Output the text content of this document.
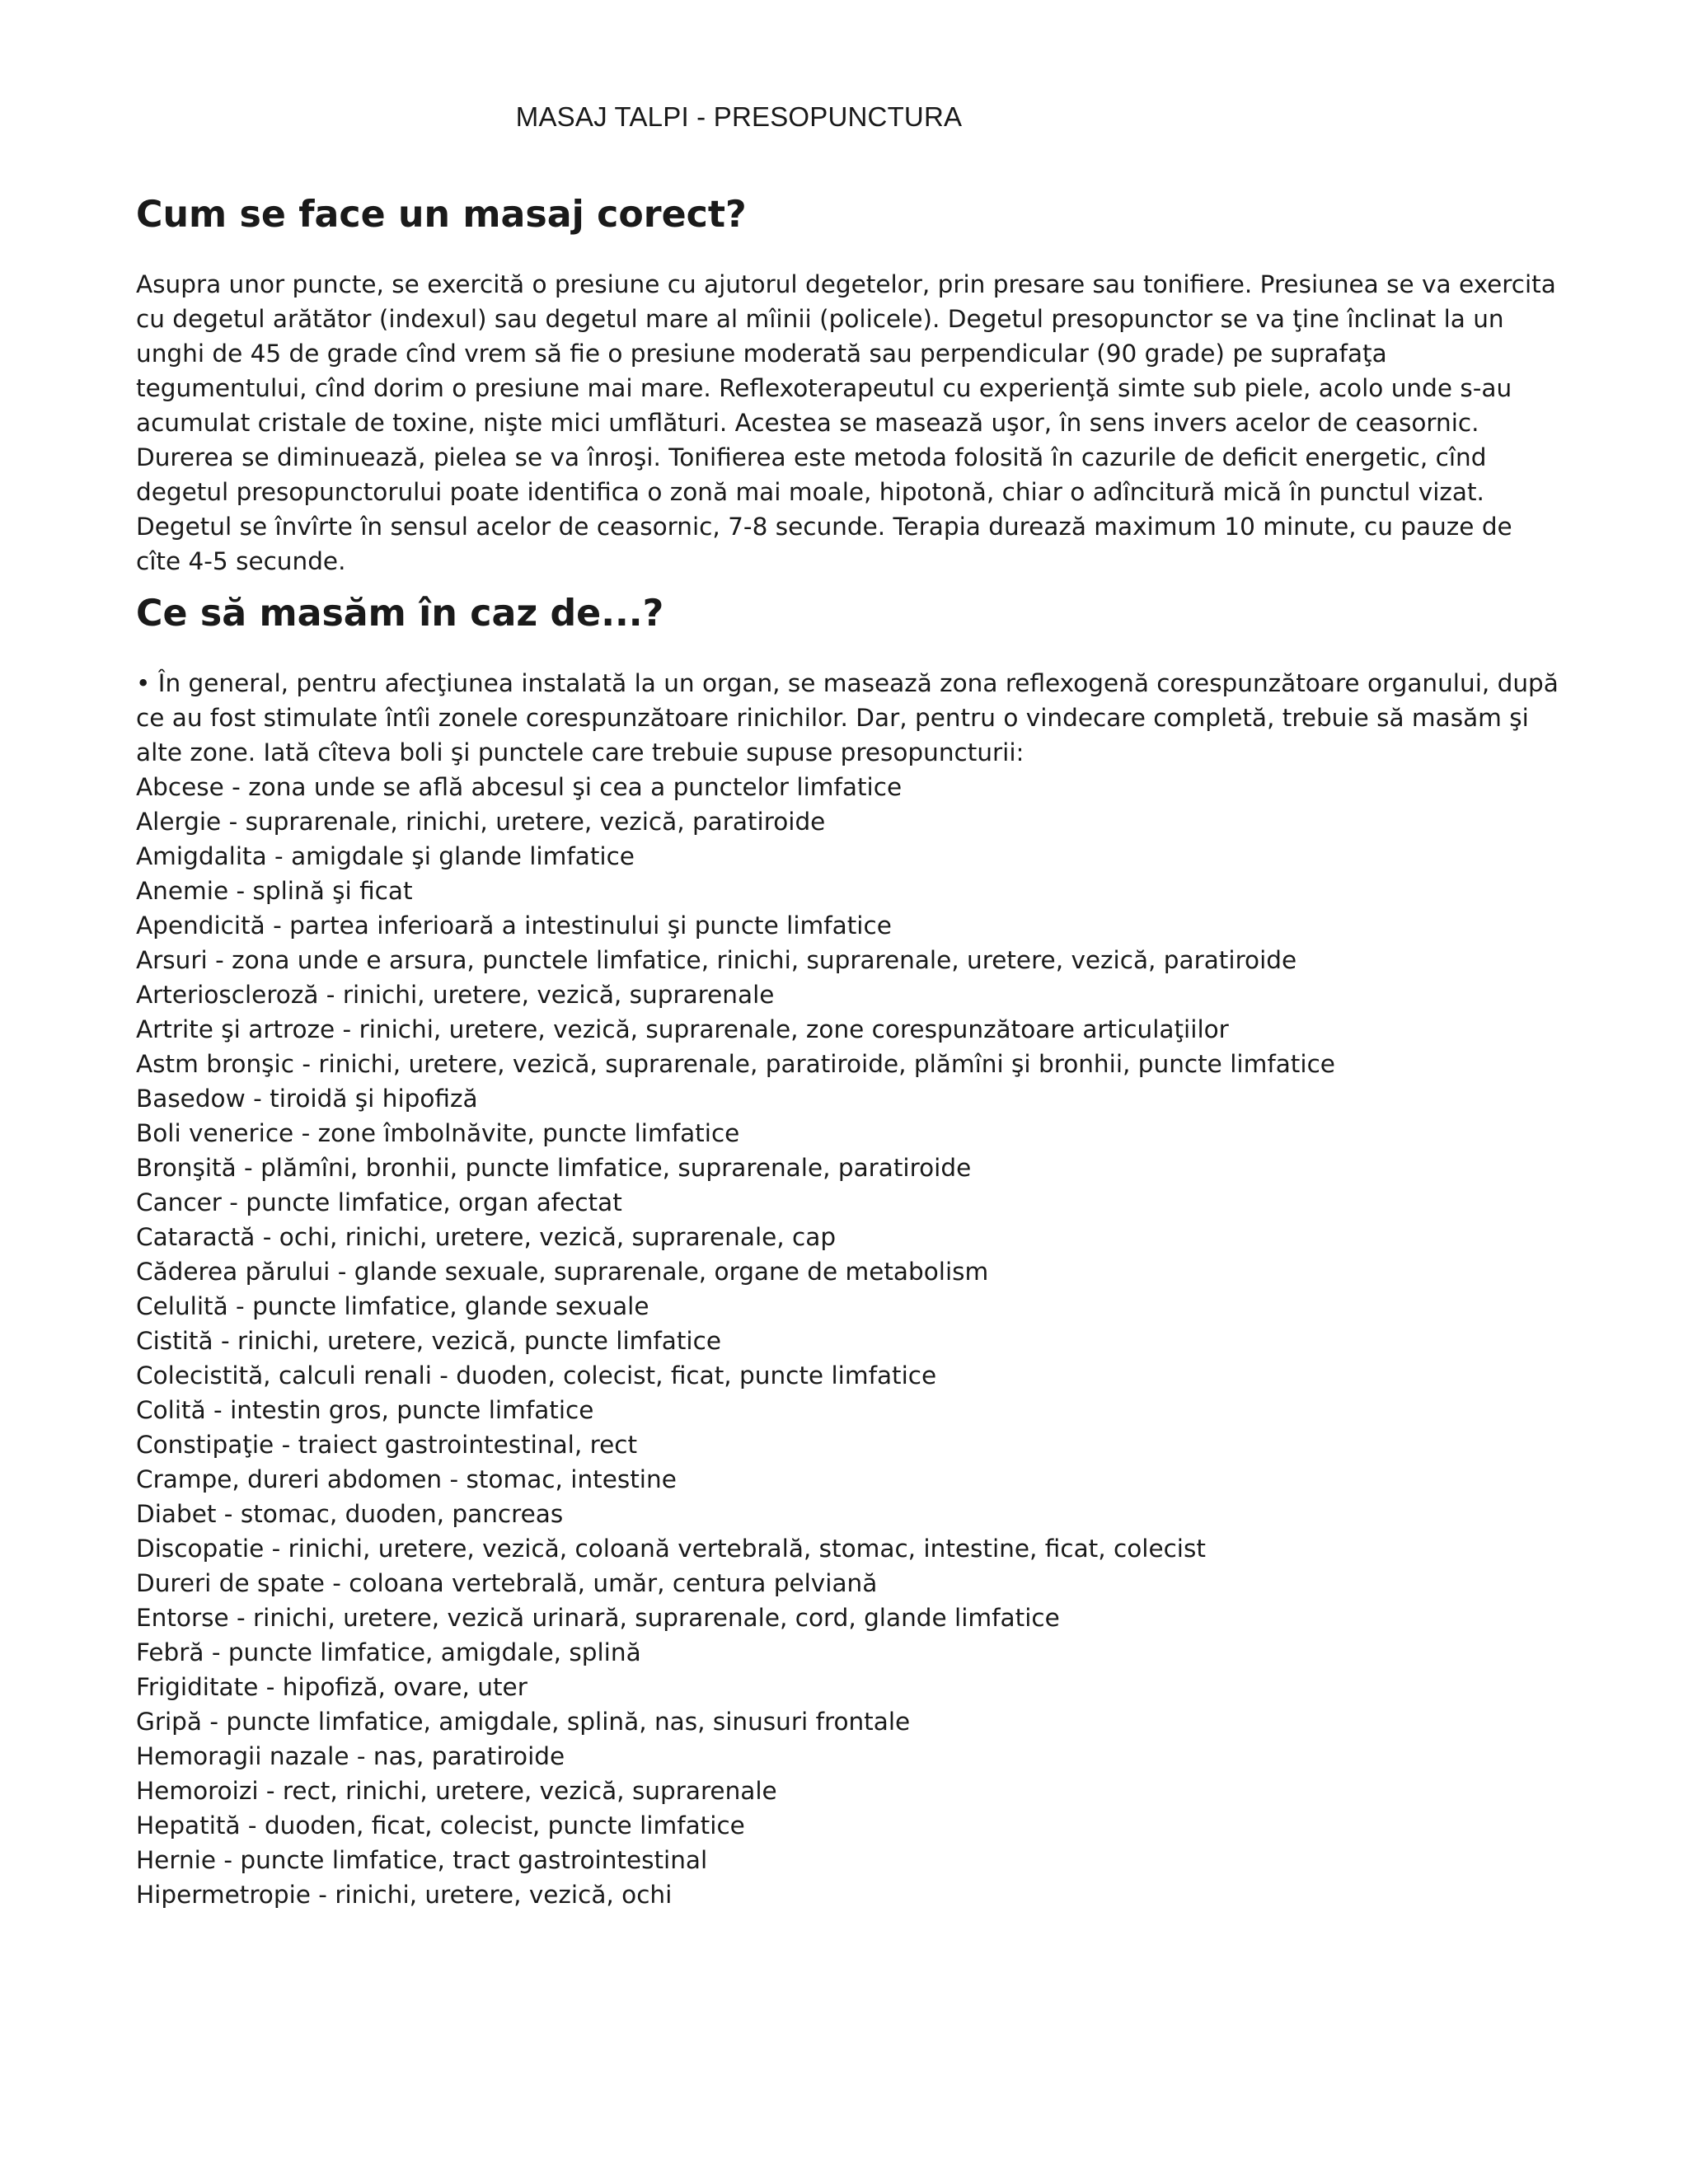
MASAJ TALPI - PRESOPUNCTURA
Cum se face un masaj corect?

Asupra unor puncte, se exercită o presiune cu ajutorul degetelor, prin presare sau tonifiere. Presiunea se va exercita
cu degetul arătător (indexul) sau degetul mare al mîinii (policele). Degetul presopunctor se va ţine înclinat la un
unghi de 45 de grade cînd vrem să fie o presiune moderată sau perpendicular (90 grade) pe suprafaţa
tegumentului, cînd dorim o presiune mai mare. Reflexoterapeutul cu experienţă simte sub piele, acolo unde s-au
acumulat cristale de toxine, nişte mici umflături. Acestea se masează uşor, în sens invers acelor de ceasornic.
Durerea se diminuează, pielea se va înroşi. Tonifierea este metoda folosită în cazurile de deficit energetic, cînd
degetul presopunctorului poate identifica o zonă mai moale, hipotonă, chiar o adîncitură mică în punctul vizat.
Degetul se învîrte în sensul acelor de ceasornic, 7-8 secunde. Terapia durează maximum 10 minute, cu pauze de
cîte 4-5 secunde.

Ce să masăm în caz de...?

• În general, pentru afecţiunea instalată la un organ, se masează zona reflexogenă corespunzătoare organului, după
ce au fost stimulate întîi zonele corespunzătoare rinichilor. Dar, pentru o vindecare completă, trebuie să masăm şi
alte zone. Iată cîteva boli şi punctele care trebuie supuse presopuncturii:

Abcese - zona unde se află abcesul şi cea a punctelor limfatice
Alergie - suprarenale, rinichi, uretere, vezică, paratiroide
Amigdalita - amigdale şi glande limfatice
Anemie - splină şi ficat
Apendicită - partea inferioară a intestinului şi puncte limfatice
Arsuri - zona unde e arsura, punctele limfatice, rinichi, suprarenale, uretere, vezică, paratiroide
Arterioscleroză - rinichi, uretere, vezică, suprarenale
Artrite şi artroze - rinichi, uretere, vezică, suprarenale, zone corespunzătoare articulaţiilor
Astm bronşic - rinichi, uretere, vezică, suprarenale, paratiroide, plămîni şi bronhii, puncte limfatice
Basedow - tiroidă şi hipofiză
Boli venerice - zone îmbolnăvite, puncte limfatice
Bronşită - plămîni, bronhii, puncte limfatice, suprarenale, paratiroide
Cancer - puncte limfatice, organ afectat
Cataractă - ochi, rinichi, uretere, vezică, suprarenale, cap
Căderea părului - glande sexuale, suprarenale, organe de metabolism
Celulită - puncte limfatice, glande sexuale
Cistită - rinichi, uretere, vezică, puncte limfatice
Colecistită, calculi renali - duoden, colecist, ficat, puncte limfatice
Colită - intestin gros, puncte limfatice
Constipaţie - traiect gastrointestinal, rect
Crampe, dureri abdomen - stomac, intestine
Diabet - stomac, duoden, pancreas
Discopatie - rinichi, uretere, vezică, coloană vertebrală, stomac, intestine, ficat, colecist
Dureri de spate - coloana vertebrală, umăr, centura pelviană
Entorse - rinichi, uretere, vezică urinară, suprarenale, cord, glande limfatice
Febră - puncte limfatice, amigdale, splină
Frigiditate - hipofiză, ovare, uter
Gripă - puncte limfatice, amigdale, splină, nas, sinusuri frontale
Hemoragii nazale - nas, paratiroide
Hemoroizi - rect, rinichi, uretere, vezică, suprarenale
Hepatită - duoden, ficat, colecist, puncte limfatice
Hernie - puncte limfatice, tract gastrointestinal
Hipermetropie - rinichi, uretere, vezică, ochi
